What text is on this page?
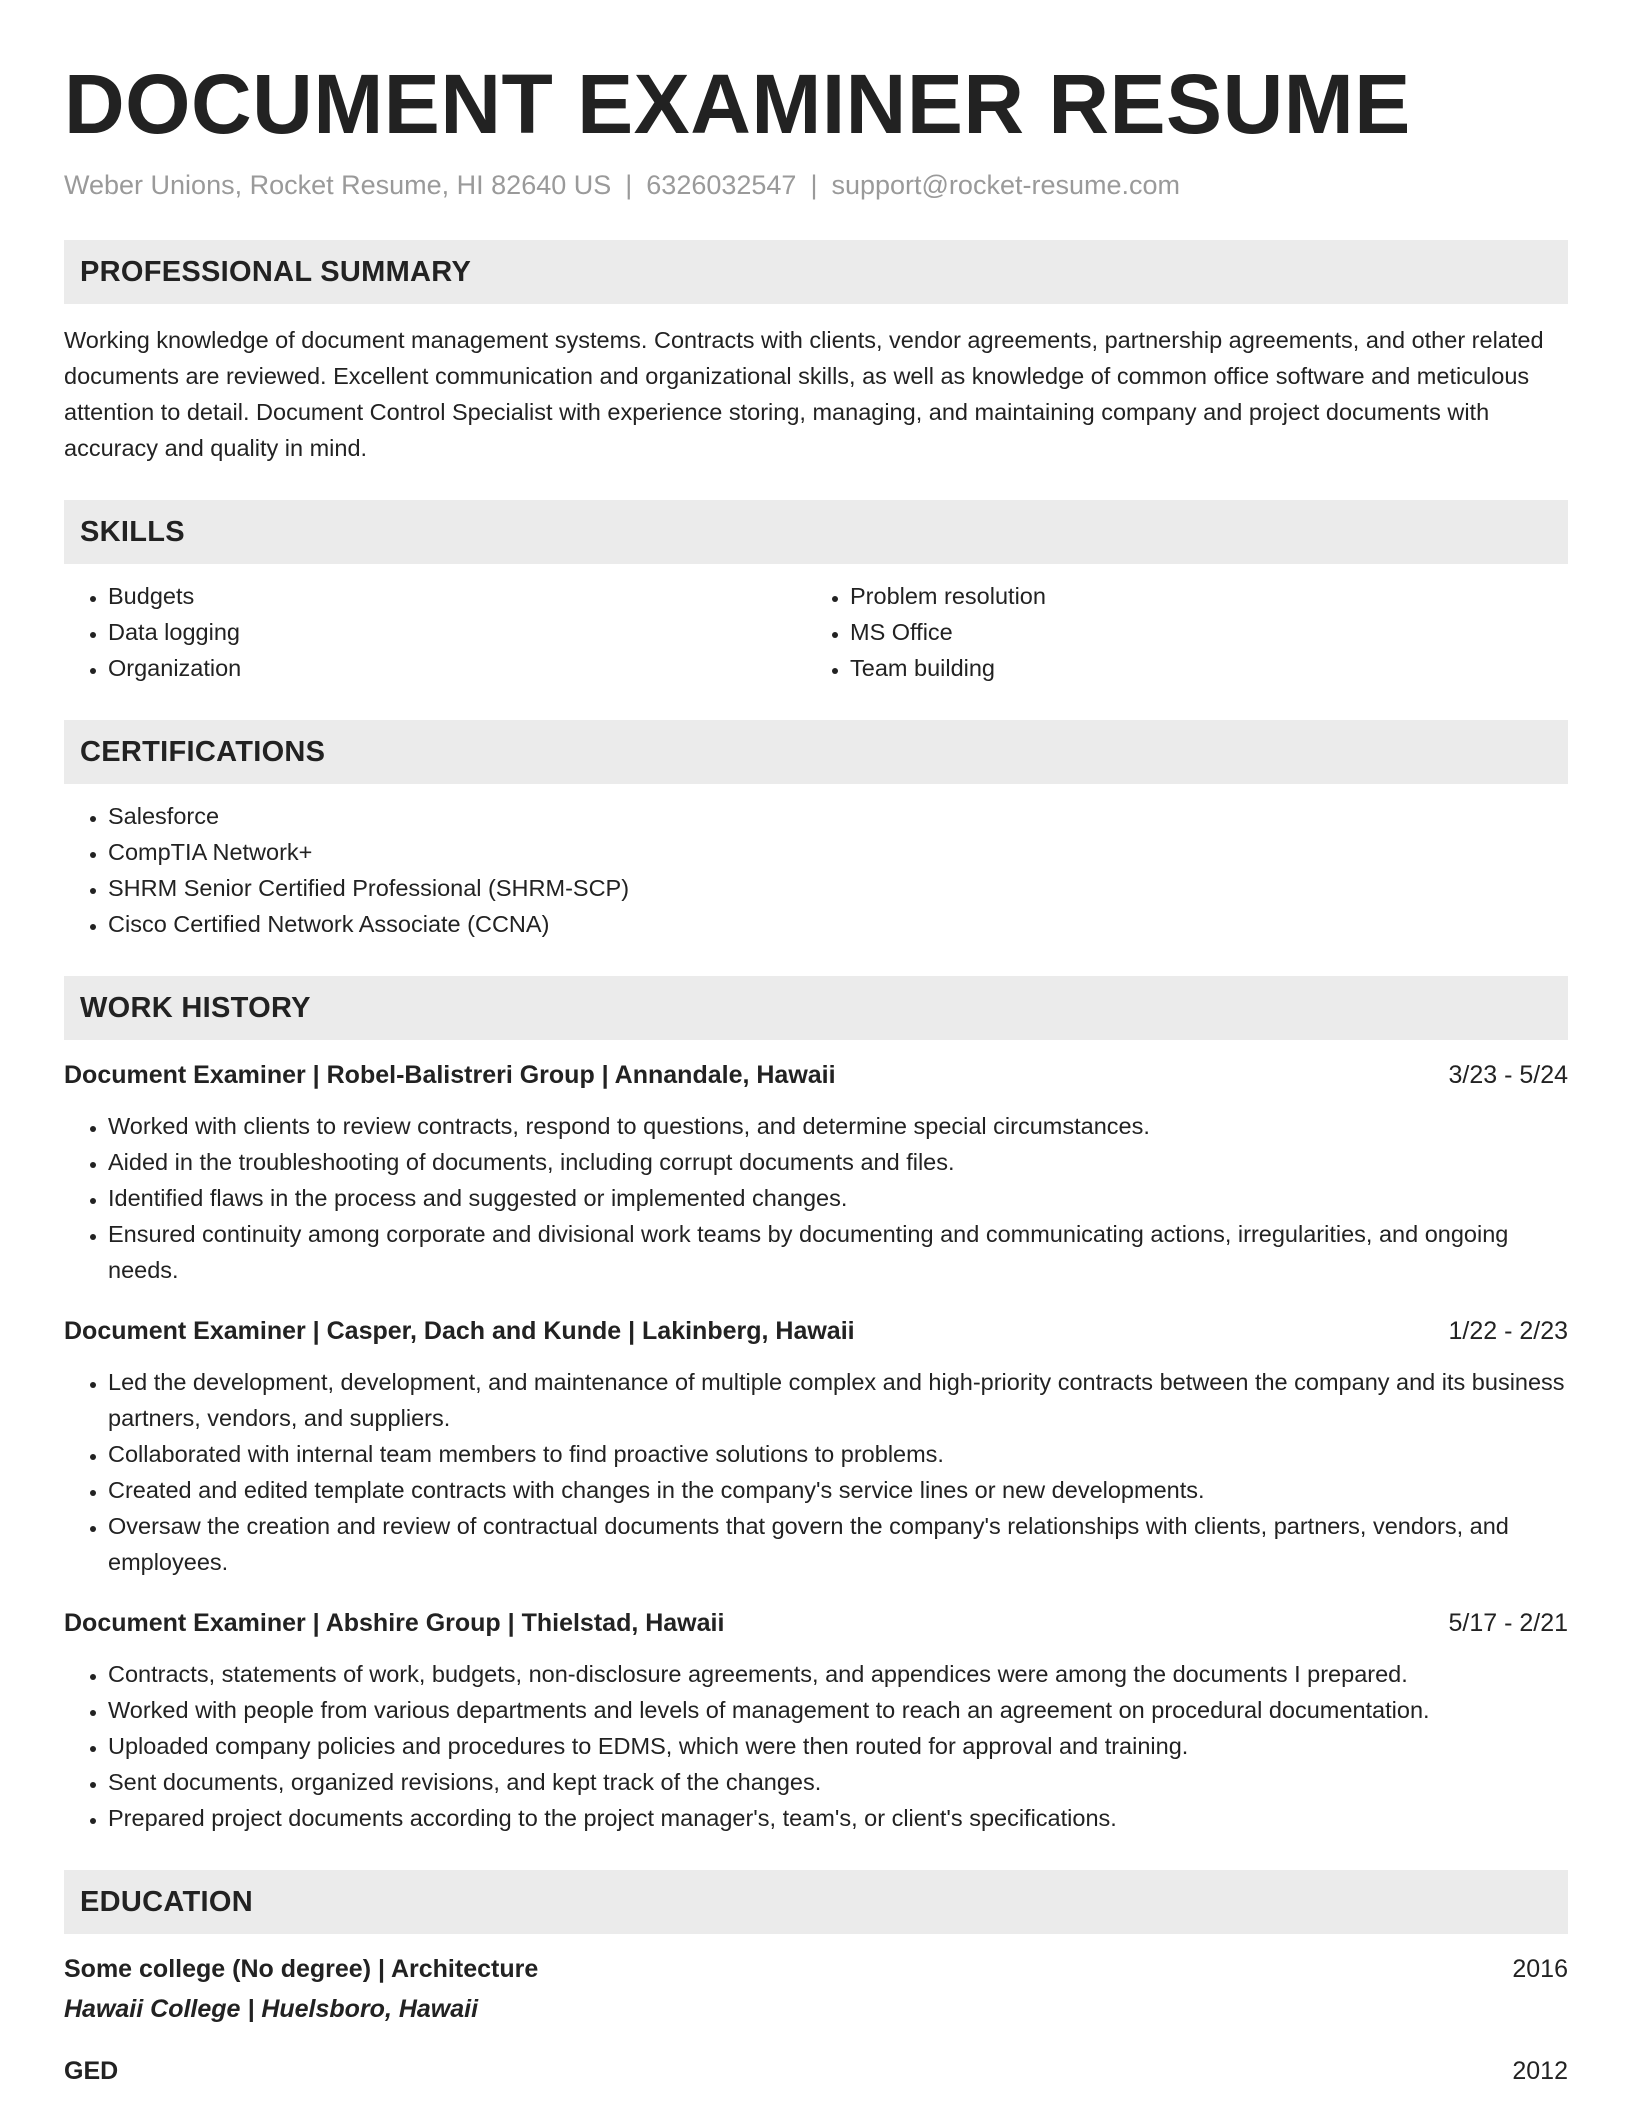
DOCUMENT EXAMINER RESUME
Weber Unions, Rocket Resume, HI 82640 US | 6326032547 | support@rocket-resume.com
PROFESSIONAL SUMMARY

Working knowledge of document management systems. Contracts with clients, vendor agreements, partnership agreements, and other related documents are reviewed. Excellent communication and organizational skills, as well as knowledge of common office software and meticulous attention to detail. Document Control Specialist with experience storing, managing, and maintaining company and project documents with accuracy and quality in mind.

SKILLS
• Budgets
• Data logging
• Organization
• Problem resolution
• MS Office
• Team building
CERTIFICATIONS
• Salesforce
• CompTIA Network+
• SHRM Senior Certified Professional (SHRM-SCP)
• Cisco Certified Network Associate (CCNA)
WORK HISTORY
Document Examiner | Robel-Balistreri Group | Annandale, Hawaii	3/23 - 5/24
• Worked with clients to review contracts, respond to questions, and determine special circumstances.
• Aided in the troubleshooting of documents, including corrupt documents and files.
• Identified flaws in the process and suggested or implemented changes.
• Ensured continuity among corporate and divisional work teams by documenting and communicating actions, irregularities, and ongoing needs.
Document Examiner | Casper, Dach and Kunde | Lakinberg, Hawaii	1/22 - 2/23
• Led the development, development, and maintenance of multiple complex and high-priority contracts between the company and its business partners, vendors, and suppliers.
• Collaborated with internal team members to find proactive solutions to problems.
• Created and edited template contracts with changes in the company's service lines or new developments.
• Oversaw the creation and review of contractual documents that govern the company's relationships with clients, partners, vendors, and employees.
Document Examiner | Abshire Group | Thielstad, Hawaii	5/17 - 2/21
• Contracts, statements of work, budgets, non-disclosure agreements, and appendices were among the documents I prepared.
• Worked with people from various departments and levels of management to reach an agreement on procedural documentation.
• Uploaded company policies and procedures to EDMS, which were then routed for approval and training.
• Sent documents, organized revisions, and kept track of the changes.
• Prepared project documents according to the project manager's, team's, or client's specifications.
EDUCATION
Some college (No degree) | Architecture	2016
Hawaii College | Huelsboro, Hawaii
GED	2012
